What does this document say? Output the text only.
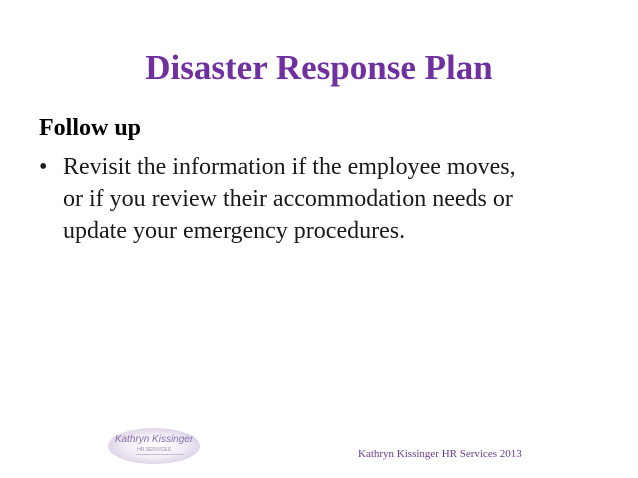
Disaster Response Plan
Follow up
• Revisit the information if the employee moves,
or if you review their accommodation needs or
update your emergency procedures.
Kathryn Kissinger
HR SERVICES	Kathryn Kissinger HR Services 2013
